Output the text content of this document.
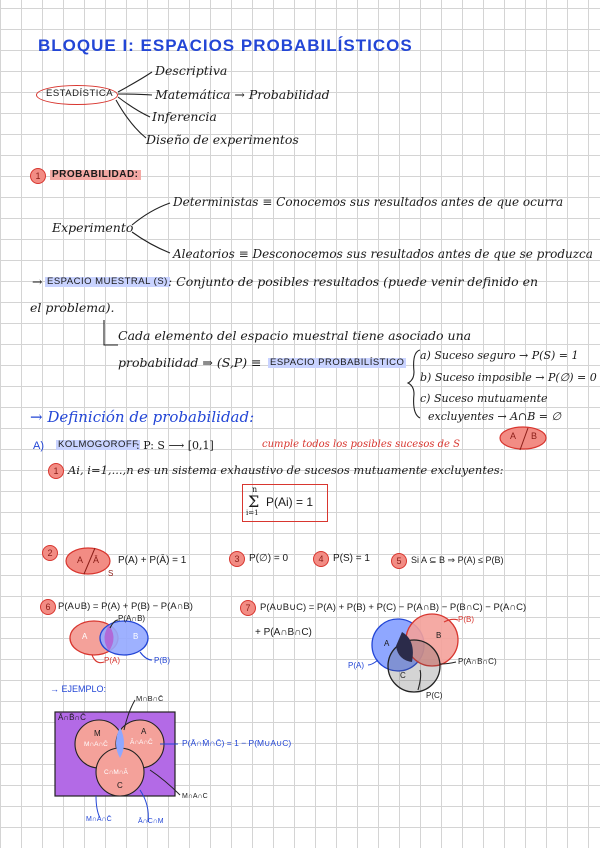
BLOQUE I: ESPACIOS PROBABILÍSTICOS
ESTADÍSTICA
Descriptiva
Matemática → Probabilidad
Inferencia
Diseño de experimentos
1	PROBABILIDAD:
Experimento
Deterministas ≡ Conocemos sus resultados antes de que ocurra
Aleatorios ≡ Desconocemos sus resultados antes de que se produzca
→ ESPACIO MUESTRAL (S) : Conjunto de posibles resultados (puede venir definido en
el problema).
Cada elemento del espacio muestral tiene asociado una
probabilidad ⇒ (S,P) ≡ ESPACIO PROBABILÍSTICO
a) Suceso seguro → P(S) = 1
b) Suceso imposible → P(∅) = 0
c) Suceso mutuamente
excluyentes → A∩B = ∅
→ Definición de probabilidad:
A) KOLMOGOROFF
: P: S ⟶ [0,1]	cumple todos los posibles sucesos de S
A B
1 Ai, i=1,...,n es un sistema exhaustivo de sucesos mutuamente excluyentes:
n
Σ
i=1
P(Ai) = 1
2
A Ā
S
P(A) + P(Ā) = 1	3 P(∅) = 0	4 P(S) = 1	5	Si A ⊆ B ⇒ P(A) ≤ P(B)
6 P(A∪B) = P(A) + P(B) − P(A∩B)
A	B
P(A∩B)
P(A)	P(B)
7	P(A∪B∪C) = P(A) + P(B) + P(C) − P(A∩B) − P(B∩C) − P(A∩C)
+ P(A∩B∩C)
A
B
C
P(B)
P(A)	P(A∩B∩C)
P(C)
→ EJEMPLO:
Ā∩B̄∩C̄
M∩B∩C̄
M	A
C
M∩A∩C̄	Ā∩A∩C̄
C∩M∩Ā
P(Ā∩M̄∩C̄) = 1 − P(M∪A∪C)
M∩A∩C̄	Ā∩C∩M
M∩A∩C
